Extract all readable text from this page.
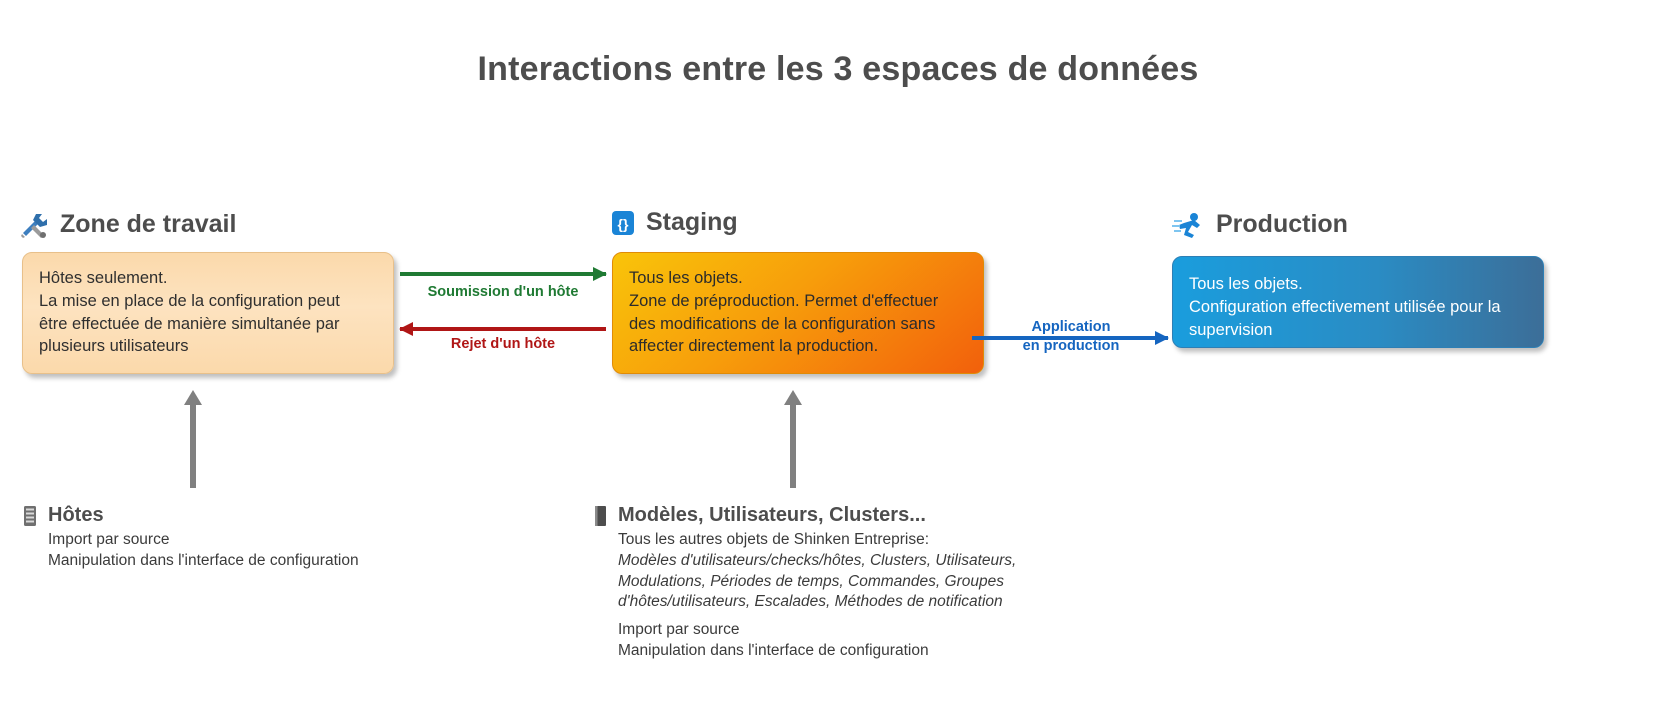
Interactions entre les 3 espaces de données
Zone de travail
Hôtes seulement.
La mise en place de la configuration peut
être effectuée de manière simultanée par
plusieurs utilisateurs
{} Staging
Tous les objets.
Zone de préproduction. Permet d'effectuer
des modifications de la configuration sans
affecter directement la production.
Production
Tous les objets.
Configuration effectivement utilisée pour la
supervision
Soumission d'un hôte
Rejet d'un hôte
Application
en production
Hôtes
Import par source
Manipulation dans l'interface de configuration
Modèles, Utilisateurs, Clusters...
Tous les autres objets de Shinken Entreprise:
Modèles d'utilisateurs/checks/hôtes, Clusters, Utilisateurs,
Modulations, Périodes de temps, Commandes, Groupes
d'hôtes/utilisateurs, Escalades, Méthodes de notification
Import par source
Manipulation dans l'interface de configuration
